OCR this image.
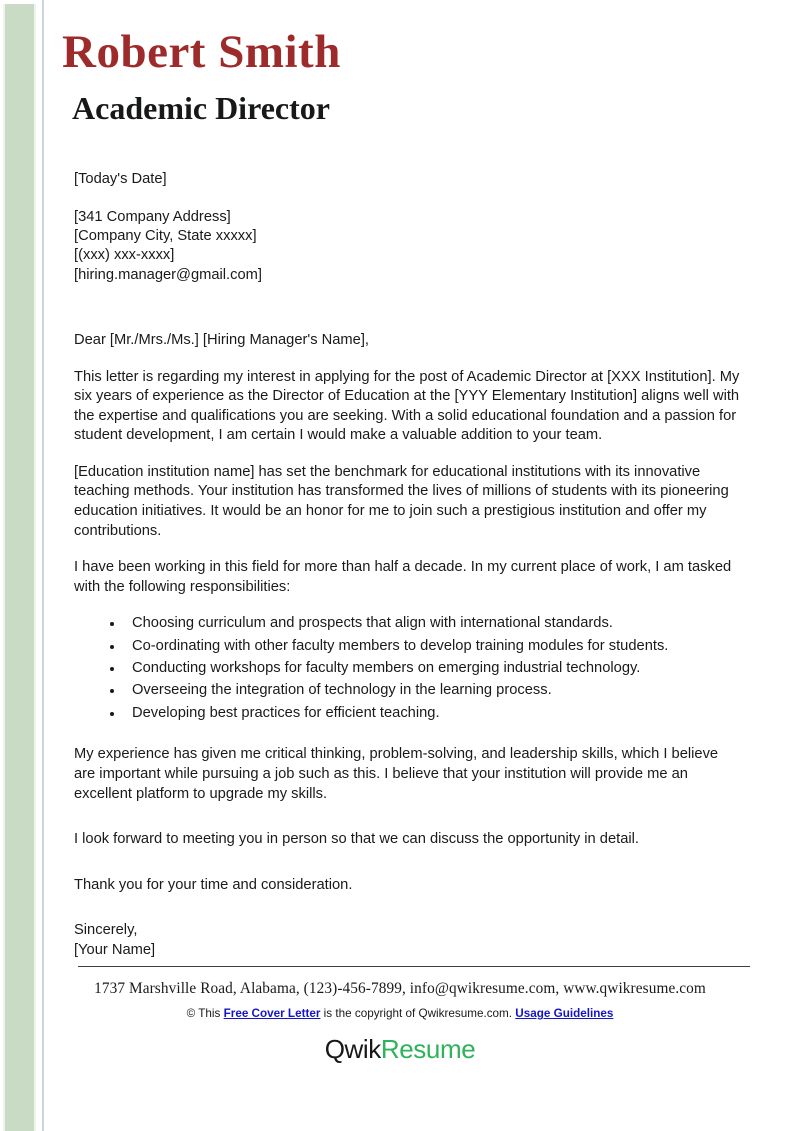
Robert Smith
Academic Director
[Today's Date]
[341 Company Address]
[Company City, State xxxxx]
[(xxx) xxx-xxxx]
[hiring.manager@gmail.com]
Dear [Mr./Mrs./Ms.] [Hiring Manager's Name],

This letter is regarding my interest in applying for the post of Academic Director at [XXX Institution]. My six years of experience as the Director of Education at the [YYY Elementary Institution] aligns well with the expertise and qualifications you are seeking. With a solid educational foundation and a passion for student development, I am certain I would make a valuable addition to your team.

[Education institution name] has set the benchmark for educational institutions with its innovative teaching methods. Your institution has transformed the lives of millions of students with its pioneering education initiatives. It would be an honor for me to join such a prestigious institution and offer my contributions.

I have been working in this field for more than half a decade. In my current place of work, I am tasked with the following responsibilities:

Choosing curriculum and prospects that align with international standards.
Co-ordinating with other faculty members to develop training modules for students.
Conducting workshops for faculty members on emerging industrial technology.
Overseeing the integration of technology in the learning process.
Developing best practices for efficient teaching.

My experience has given me critical thinking, problem-solving, and leadership skills, which I believe are important while pursuing a job such as this. I believe that your institution will provide me an excellent platform to upgrade my skills.

I look forward to meeting you in person so that we can discuss the opportunity in detail.

Thank you for your time and consideration.

Sincerely,
[Your Name]
1737 Marshville Road, Alabama, (123)-456-7899, info@qwikresume.com, www.qwikresume.com
© This Free Cover Letter is the copyright of Qwikresume.com. Usage Guidelines
QwikResume
